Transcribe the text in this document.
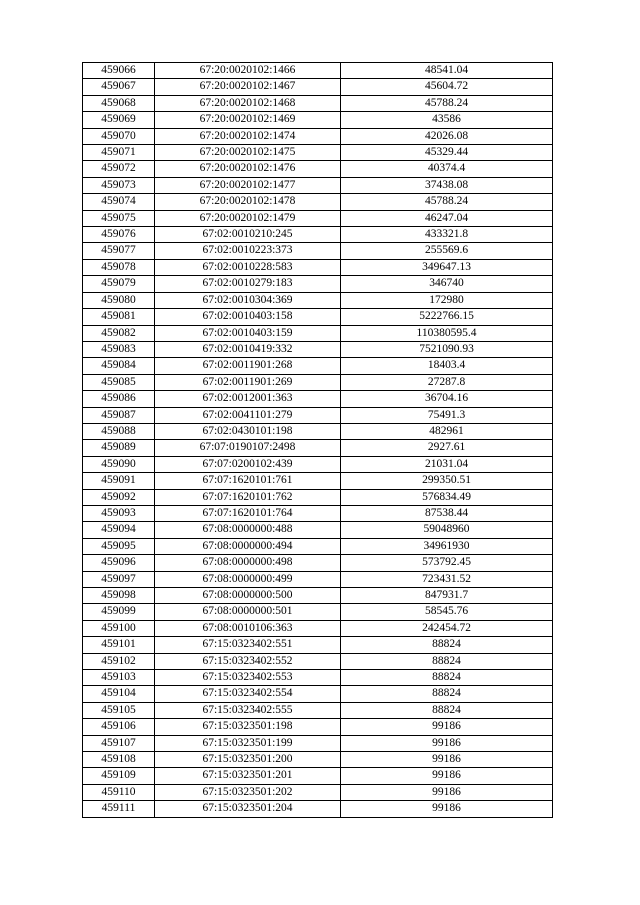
459066	67:20:0020102:1466	48541.04
459067	67:20:0020102:1467	45604.72
459068	67:20:0020102:1468	45788.24
459069	67:20:0020102:1469	43586
459070	67:20:0020102:1474	42026.08
459071	67:20:0020102:1475	45329.44
459072	67:20:0020102:1476	40374.4
459073	67:20:0020102:1477	37438.08
459074	67:20:0020102:1478	45788.24
459075	67:20:0020102:1479	46247.04
459076	67:02:0010210:245	433321.8
459077	67:02:0010223:373	255569.6
459078	67:02:0010228:583	349647.13
459079	67:02:0010279:183	346740
459080	67:02:0010304:369	172980
459081	67:02:0010403:158	5222766.15
459082	67:02:0010403:159	110380595.4
459083	67:02:0010419:332	7521090.93
459084	67:02:0011901:268	18403.4
459085	67:02:0011901:269	27287.8
459086	67:02:0012001:363	36704.16
459087	67:02:0041101:279	75491.3
459088	67:02:0430101:198	482961
459089	67:07:0190107:2498	2927.61
459090	67:07:0200102:439	21031.04
459091	67:07:1620101:761	299350.51
459092	67:07:1620101:762	576834.49
459093	67:07:1620101:764	87538.44
459094	67:08:0000000:488	59048960
459095	67:08:0000000:494	34961930
459096	67:08:0000000:498	573792.45
459097	67:08:0000000:499	723431.52
459098	67:08:0000000:500	847931.7
459099	67:08:0000000:501	58545.76
459100	67:08:0010106:363	242454.72
459101	67:15:0323402:551	88824
459102	67:15:0323402:552	88824
459103	67:15:0323402:553	88824
459104	67:15:0323402:554	88824
459105	67:15:0323402:555	88824
459106	67:15:0323501:198	99186
459107	67:15:0323501:199	99186
459108	67:15:0323501:200	99186
459109	67:15:0323501:201	99186
459110	67:15:0323501:202	99186
459111	67:15:0323501:204	99186
